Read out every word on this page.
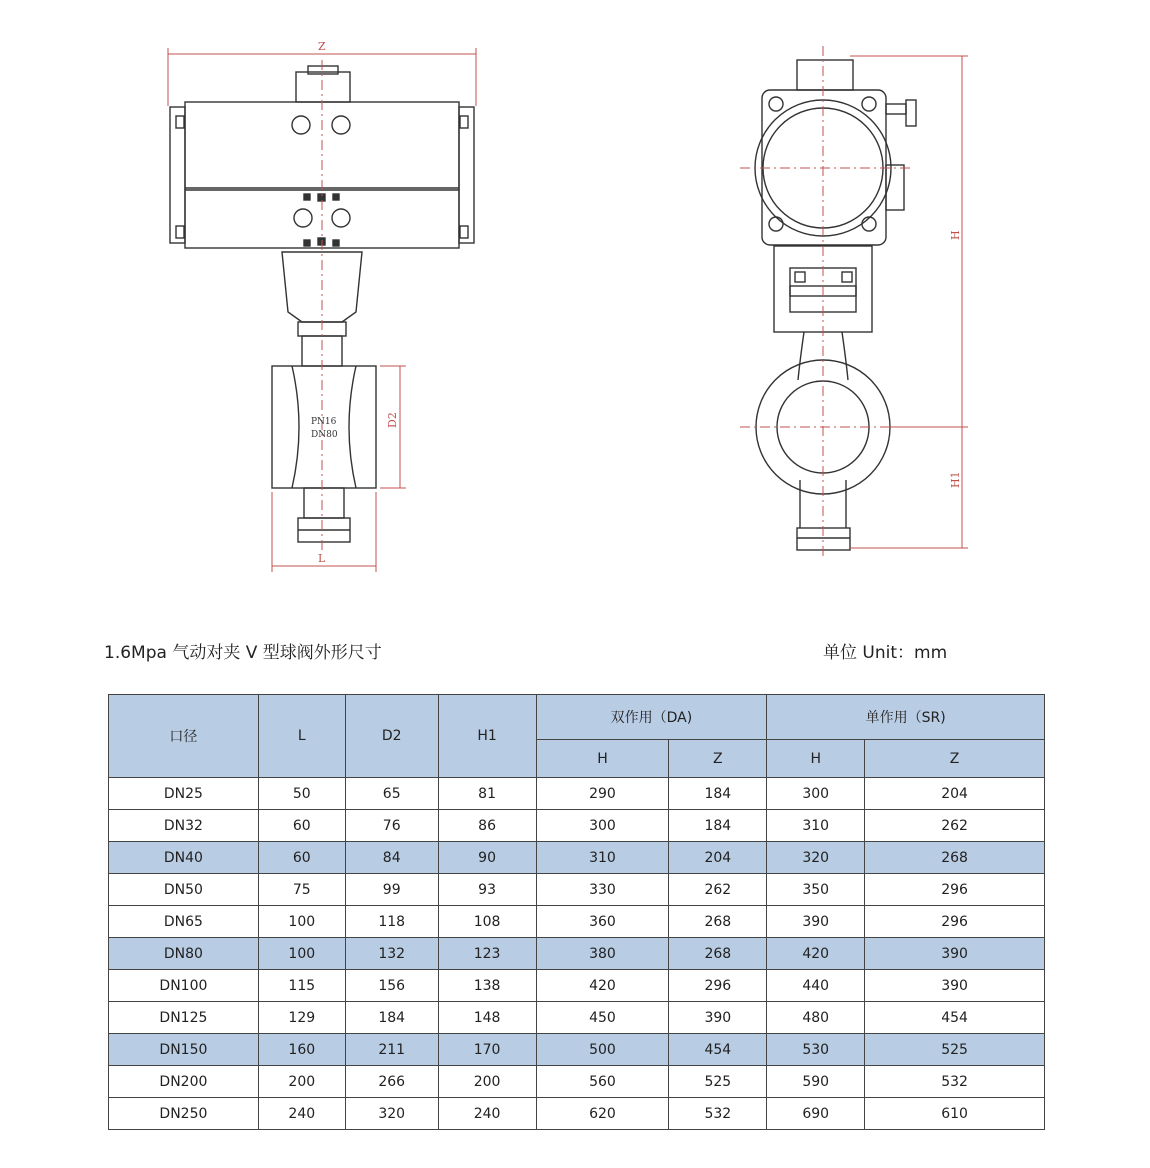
Z
D2
L
H
H1
PN16
DN80
1.6Mpa 气动对夹 V 型球阀外形尺寸	单位 Unit：mm
口径	L	D2	H1	双作用（DA)		单作用（SR)	
				H	Z	H	Z
DN25	50	65	81	290	184	300	204
DN32	60	76	86	300	184	310	262
DN40	60	84	90	310	204	320	268
DN50	75	99	93	330	262	350	296
DN65	100	118	108	360	268	390	296
DN80	100	132	123	380	268	420	390
DN100	115	156	138	420	296	440	390
DN125	129	184	148	450	390	480	454
DN150	160	211	170	500	454	530	525
DN200	200	266	200	560	525	590	532
DN250	240	320	240	620	532	690	610
